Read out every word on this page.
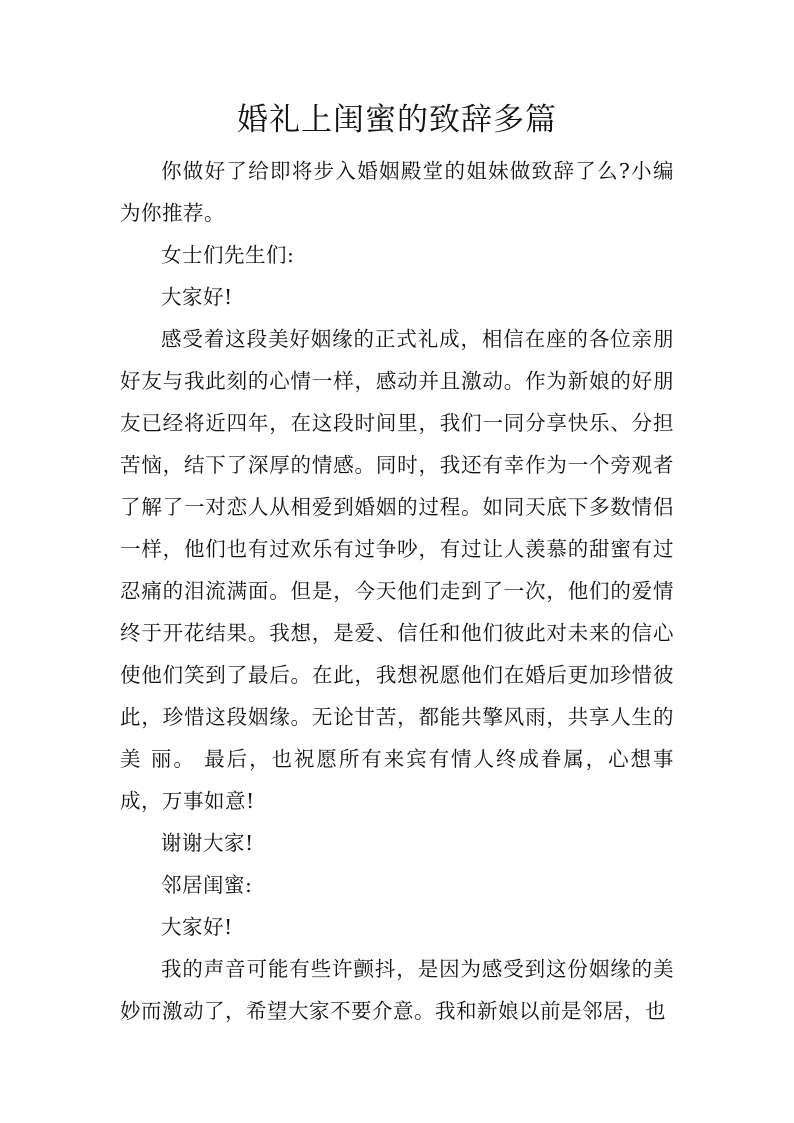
婚礼上闺蜜的致辞多篇

你做好了给即将步入婚姻殿堂的姐妹做致辞了么?小编为你推荐。

女士们先生们:

大家好!

感受着这段美好姻缘的正式礼成，相信在座的各位亲朋好友与我此刻的心情一样，感动并且激动。作为新娘的好朋友已经将近四年，在这段时间里，我们一同分享快乐、分担苦恼，结下了深厚的情感。同时，我还有幸作为一个旁观者了解了一对恋人从相爱到婚姻的过程。如同天底下多数情侣一样，他们也有过欢乐有过争吵，有过让人羡慕的甜蜜有过忍痛的泪流满面。但是，今天他们走到了一次，他们的爱情终于开花结果。我想，是爱、信任和他们彼此对未来的信心使他们笑到了最后。在此，我想祝愿他们在婚后更加珍惜彼此，珍惜这段姻缘。无论甘苦，都能共擎风雨，共享人生的美 丽。 最后，也祝愿所有来宾有情人终成眷属，心想事成，万事如意!

谢谢大家!

邻居闺蜜:

大家好!

我的声音可能有些许颤抖，是因为感受到这份姻缘的美妙而激动了，希望大家不要介意。我和新娘以前是邻居，也
